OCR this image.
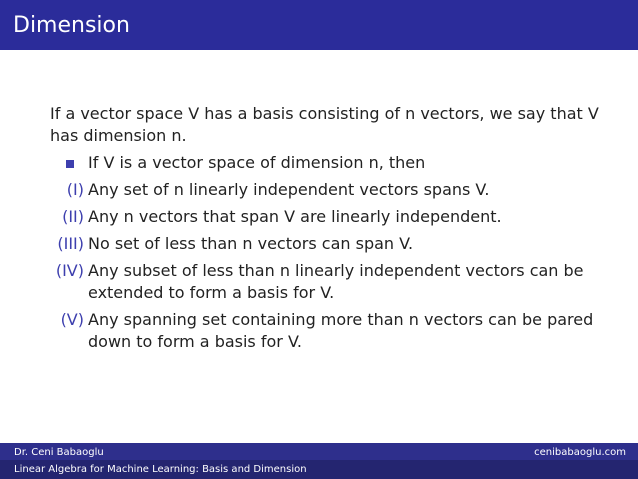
Dimension

If a vector space V has a basis consisting of n vectors, we say that V has dimension n.

If V is a vector space of dimension n, then
(I) Any set of n linearly independent vectors spans V.
(II) Any n vectors that span V are linearly independent.
(III) No set of less than n vectors can span V.
(IV) Any subset of less than n linearly independent vectors can be extended to form a basis for V.
(V) Any spanning set containing more than n vectors can be pared down to form a basis for V.
Dr. Ceni Babaoglu	cenibabaoglu.com
Linear Algebra for Machine Learning: Basis and Dimension
